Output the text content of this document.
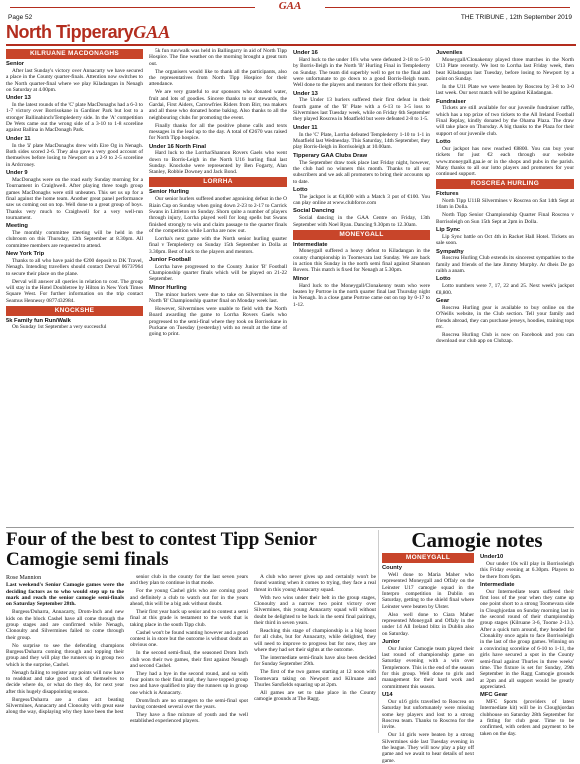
GAA
Page 52	THE TRIBUNE , 12th September 2019
North TipperaryGAA
KILRUANE MACDONAGHS
Senior

After last Sunday's victory over Annacarty we have secured a place in the County quarter-finals. Attention now switches to the North quarter-final where we play Kiladangan in Nenagh on Saturday at 4.00pm.

Under 13

In the latest rounds of the 'C' plate MacDonaghs had a 6-3 to 1-7 victory over Borrisokane in Gardiner Park but lost to a stronger Ballinahinch/Templederry side. In the 'A' competition De Wets came out the wrong side of a 3-10 to 1-8 scoreline against Ballina in MacDonagh Park.

Under 11

In the 'ä' plate MacDonaghs drew with Eire Og in Nenagh. Both sides scored 2-6. They also gave a very good account of themselves before losing to Newport on a 2-9 to 2-5 scoreline in Ardcroney.

Under 9

MacDonaghs were on the road early Sunday morning for a Tournament in Craighwell. After playing three tough group games MacDonaghs were still unbeaten. This set us up for a final against the home team. Another great panel performance saw us coming out on top. Well done to a great group of boys. Thanks very much to Craighwell for a very well-run tournament.

Meeting

The monthly committee meeting will be held in the clubroom on this Thursday, 12th September at 8.30pm. All committee members are requested to attend.

New York Trip

Thanks to all who have paid the €200 deposit to DK Travel, Nenagh. Intending travellers should contact Derval 0673?964 to secure their place on the plane.

Derval will answer all queries in relation to cost. The group will stay in the Hotel Doubletree by Hilton in New York Times Square West. For further information on the trip contact Seamus Hennessy 0877432984.

KNOCKSHE
5k Family fun Run/Walk

On Sunday 1st September a very successful

5k fun run/walk was held in Ballingarry in aid of North Tipp Hospice. The fine weather on the morning brought a great turn out.

The organisers would like to thank all the participants, also the representatives from North Tipp Hospice for their attendance.

We are very grateful to our sponsors who donated water, fruit and lots of goodies. Sincere thanks to our stewards, the Gardai, First Aiders, Carrowfries Riders from Birr, tea makers and all those who donated home baking. Also thanks to all the neighbouring clubs for promoting the event.

Finally thanks for all the positive phone calls and texts messages in the lead up to the day. A total of €2670 was raised for North Tipp hospice.

Under 16 North Final

Hard luck to the Lorrha/Shannon Rovers Gaels who went down to Borris-Leigh in the North U16 hurling final last Sunday. Knockshe were represented by Ben Fogarty, Alan Stanley, Robbie Downey and Jack Bond.

LORRHA
Senior Hurling

Our senior hurlers suffered another agonising defeat in the O Riain Cup on Sunday when going down 2-23 to 2-17 to Carrick Swans in Littleton on Sunday. Shorn quite a number of players through injury, Lorrha played well for long spells but Swans finished strongly to win and claim passage to the quarter finals of the competition while Lorrha are now out.

Lorrha's next game with the North senior hurling quarter final v Templederry on Sunday 15th September in Dolla at 3.30pm. Best of luck to the players and mentors.

Junior Football

Lorrha have progressed to the County Junior 'B' Football Championship quarter finals which will be played on 21-22 September.

Minor Hurling

The minor hurlers were due to take on Silvermines in the North 'B' Championship quarter final on Monday week last.

However, Silvermines were unable to field with the North Board awarding the game to Lorrha Rovers Gaels who progressed to the semi-final where they took on Borrisokane in Puckane on Tuesday (yesterday) with no result at the time of going to print.

Under 16

Hard luck to the under 16's who were defeated 2-18 to 5-10 by Borris-Ileigh in the North 'B' Hurling Final in Templederry on Sunday. The team did superbly well to get to the final and were unfortunate to go down to a good Borris-Ileigh team. Well done to the players and mentors for their efforts this year.

Under 13

The Under 13 hurlers suffered their first defeat in their fourth game of the 'B' Plate with a 6-13 to 3-5 loss to Silvermines last Tuesday week, while on Friday 6th September they played Roscrea in Moatfield but were defeated 2-8 to 1-5.

Under 11

In the 'C' Plate, Lorrha defeated Templederry 1-10 to 1-1 in Moatfield last Wednesday. This Saturday, 14th September, they play Borris-Ileigh in Borrisoleigh at 10.00am.

Tipperary GAA Clubs Draw

The September draw took place last Friday night, however, the club had no winners this month. Thanks to all our subscribers and we ask all promoters to bring their accounts up to date.

Lotto

The jackpot is at €4,800 with a Match 3 pot of €100. You can play online at www.clubforce.com

Social Dancing

Social dancing in the GAA Centre on Friday, 13th September with Noel Ryan. Dancing 9.30pm to 12.30am.

MONEYGALL
Intermediate

Moneygall suffered a heavy defeat to Kiladangan in the county championship in Toomevara last Sunday. We are back in action this Sunday in the north semi final against Shannon Rovers. This match is fixed for Nenagh at 5.30pm.

Minor

Hard luck to the Moneygall/Clonakenny team who were beaten by Portroe in the north quarter final last Thursday night in Nenagh. In a close game Portroe came out on top by 0-17 to 1-12.

Juveniles

Moneygall/Clonakenny played three matches in the North U13 Plate recently. We lost to Lorrha last Friday week, then beat Kiladangan last Tuesday, before losing to Newport by a point on Sunday.

In the U11 Plate we were beaten by Roscrea by 3-8 to 3-0 last week. Our next match will be against Kiladangan.

Fundraiser

Tickets are still available for our juvenile fundraiser raffle, which has a top prize of two tickets to the All Ireland Football Final Replay, kindly donated by the Ohama Plaza. The draw will take place on Thursday. A big thanks to the Plaza for their support of our juvenile club.

Lotto

Our jackpot has now reached €8800. You can buy your tickets for just €2 each through our website www.moneygall.gaa.ie or in the shops and pubs in the parish. Many thanks to all our lotto players and promoters for your continued support.

ROSCREA HURLING
Fixtures

North Tipp U11B Silvermines v Roscrea on Sat 14th Sept at 10am in Dolla.

North Tipp Senior Championship Quarter Final Roscrea v Borrisoleigh on Sun 15th Sept at 2pm in Dolla.

Lip Sync

Lip Sync battle on Oct 4th in Racket Hall Hotel. Tickets on sale soon.

Sympathy

Roscrea Hurling Club extends its sincerest sympathies to the family and friends of the late Jimmy Murphy. Ar dheis De go raibh a anam.

Lotto

Lotto numbers were 7, 17, 22 and 25. Next week's jackpot €8,800.

Gear

Roscrea Hurling gear is available to buy online on the O'Neills website, in the Club section. Tell your family and friends abroad, they can purchase jerseys, hoodies, training tops etc.

Roscrea Hurling Club is now on Facebook and you can download our club app on Clubzap.

Four of the best to contest Tipp Senior Camogie semi finals
Camogie notes
Rose Mannion

Last weekend's Senior Camogie games were the deciding factors as to who would step up to the mark and reach the senior camogie semi-finals on Saturday September 28th.

Burgess/Duharra, Annacarty, Drom-Inch and new kids on the block Cashel have all come through the group stages and are confirmed while Nenagh, Clonoulty and Silvermines failed to come through their group.

No surprise to see the defending champions Burgess/Duharra coming through and topping their group and they will play the runners up in group two which is the surprise, Cashel.

Nenagh failing to register any points will now have to readdust and take good stock of themselves to decide where do, or what do they do, for next year after this hugely disappointing season.

Burgess/Duharra are a class act beating Silvermines, Annacarty and Clonoulty with great ease along the way, displaying why they have been the best

senior club in the county for the last seven years and they plan to continue in that mode.

For the young Cashel girls who are coming good and definitely a club to watch out for in the years ahead, this will be a big ask without doubt.

Their first year back up senior and to contest a semi final at this grade is testament to the work that is taking place in the south Tipp club.

Cashel won't be found wanting however and a good contest is in store but the outcome is without doubt an obvious one.

In the second semi-final, the seasoned Drom Inch club won their two games, their first against Nenagh and second Cashel.

They had a bye in the second round, and so with four points to their final total, they have topped group two and have qualified to play the runners up in group one which is Annacarty.

Drom/Inch are no strangers to the semi-final spot having contested several over the years.

They have a fine mixture of youth and the well established experienced players.

A club who never gives up and certainly won't be found wanting when it comes to trying, they face a real threat in this young Annacarty squad.

With two wins under their belt in the group stages, Clonoulty and a narrow two point victory over Silvermines, this young Annacarty squad will without doubt be delighted to be back in the semi final pairings, their third in seven years.

Reaching this stage of championship is a big boost for all clubs, but for Annacarty, while delighted, they will need to improve to progress but for now, they are where they had set their sights at the outcome.

The intermediate semi-finals have also been decided for Sunday September 29th.

The first of the two games starting at 12 noon with Toomevara taking on Newport and Kilruane and Thurles Sarsfields squaring up at 2pm.

All games are set to take place in the County camogie grounds at The Ragg.

MONEYGALL
County

Well done to Maria Maher who represented Moneygall and Offaly on the Leinster U17 camogie squad in the Interpro competition in Dublin on Saturday, getting to the shield final where Leinster were beaten by Ulster.

Also well done to Ciara Maher represented Moneygall and Offaly in the under 14 All Ireland blitz in Dublin also on Saturday.

Junior

Our Junior Camogie team played their last round of championship game on Saturday evening with a win over Templemore. This is the end of the season for this group. Well done to girls and management for their hard work and commitment this season.

U14

Our u16 girls travelled to Roscrea on Saturday but unfortunately were missing some key players and lost to a strong Roscrea team. Thanks to Roscrea for the invite.

Our 14 girls were beaten by a strong Silvermines side last Tuesday evening in the league. They will now play a play off game and we await to hear details of next game.

Under10

Our under 10s will play in Borrisoleigh this Friday evening at 6.30pm. Players to be there from 6pm.

Intermediate

Our Intermediate team suffered their first loss of the year when they came up one point short to a strong Toomevara side in Cloughjordan on Sunday morning last in the second round of their championship group stages (Kilruane 3-6, Toome 2-13.). After a quick turn around, they headed for Clonakilty once again to face Borrisoleigh in the last of the group games. Winning on a convincing scoreline of 6-10 to 1-11, the girls have secured a spot in the County semi-final against Thurles in three weeks' time. The fixture is set for Sunday, 29th September in the Ragg Camogie grounds at 2pm and all support would be greatly appreciated.

MFC Gear

MFC Sports (providers of latest Intermediate kit) will be in Cloughjordan clubhouse on Saturday 28th September for a fitting for club gear. Time to be confirmed, with orders and payment to be taken on the day.
